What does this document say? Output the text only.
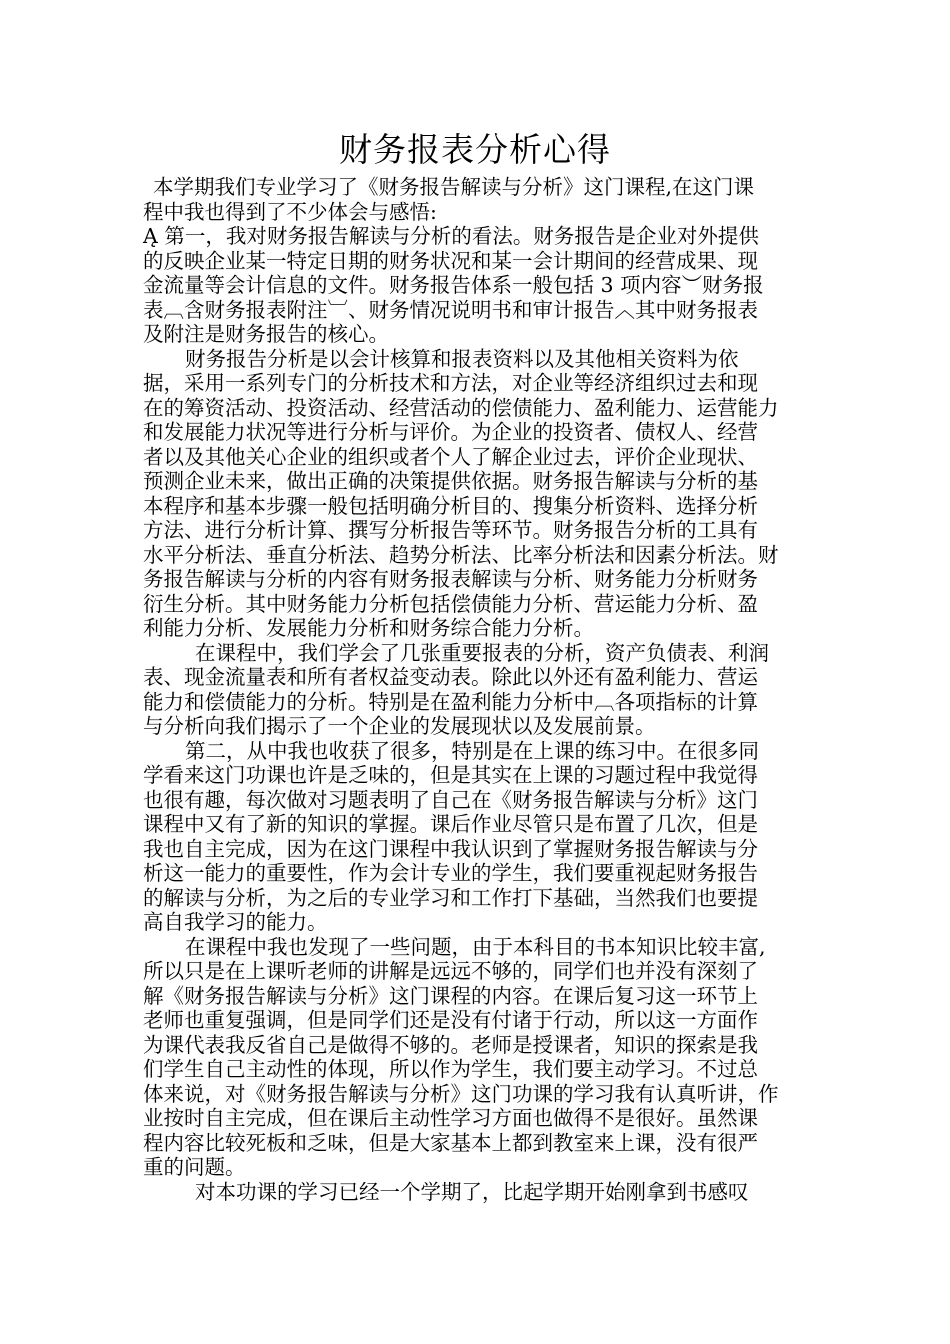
财务报表分析心得
本学期我们专业学习了《财务报告解读与分析》这门课程,在这门课
程中我也得到了不少体会与感悟:
Ą 第一，我对财务报告解读与分析的看法。财务报告是企业对外提供
的反映企业某一特定日期的财务状况和某一会计期间的经营成果、现
金流量等会计信息的文件。财务报告体系一般包括 3 项内容︶财务报
表︹含财务报表附注︺、财务情况说明书和审计报告︿其中财务报表
及附注是财务报告的核心。
财务报告分析是以会计核算和报表资料以及其他相关资料为依
据，采用一系列专门的分析技术和方法，对企业等经济组织过去和现
在的筹资活动、投资活动、经营活动的偿债能力、盈利能力、运营能力
和发展能力状况等进行分析与评价。为企业的投资者、债权人、经营
者以及其他关心企业的组织或者个人了解企业过去，评价企业现状、
预测企业未来，做出正确的决策提供依据。财务报告解读与分析的基
本程序和基本步骤一般包括明确分析目的、搜集分析资料、选择分析
方法、进行分析计算、撰写分析报告等环节。财务报告分析的工具有
水平分析法、垂直分析法、趋势分析法、比率分析法和因素分析法。财
务报告解读与分析的内容有财务报表解读与分析、财务能力分析财务
衍生分析。其中财务能力分析包括偿债能力分析、营运能力分析、盈
利能力分析、发展能力分析和财务综合能力分析。
在课程中，我们学会了几张重要报表的分析，资产负债表、利润
表、现金流量表和所有者权益变动表。除此以外还有盈利能力、营运
能力和偿债能力的分析。特别是在盈利能力分析中︹各项指标的计算
与分析向我们揭示了一个企业的发展现状以及发展前景。
第二，从中我也收获了很多，特别是在上课的练习中。在很多同
学看来这门功课也许是乏味的，但是其实在上课的习题过程中我觉得
也很有趣，每次做对习题表明了自己在《财务报告解读与分析》这门
课程中又有了新的知识的掌握。课后作业尽管只是布置了几次，但是
我也自主完成，因为在这门课程中我认识到了掌握财务报告解读与分
析这一能力的重要性，作为会计专业的学生，我们要重视起财务报告
的解读与分析，为之后的专业学习和工作打下基础，当然我们也要提
高自我学习的能力。
在课程中我也发现了一些问题，由于本科目的书本知识比较丰富,
所以只是在上课听老师的讲解是远远不够的，同学们也并没有深刻了
解《财务报告解读与分析》这门课程的内容。在课后复习这一环节上
老师也重复强调，但是同学们还是没有付诸于行动，所以这一方面作
为课代表我反省自己是做得不够的。老师是授课者，知识的探索是我
们学生自己主动性的体现，所以作为学生，我们要主动学习。不过总
体来说，对《财务报告解读与分析》这门功课的学习我有认真听讲，作
业按时自主完成，但在课后主动性学习方面也做得不是很好。虽然课
程内容比较死板和乏味，但是大家基本上都到教室来上课，没有很严
重的问题。
对本功课的学习已经一个学期了，比起学期开始刚拿到书感叹
